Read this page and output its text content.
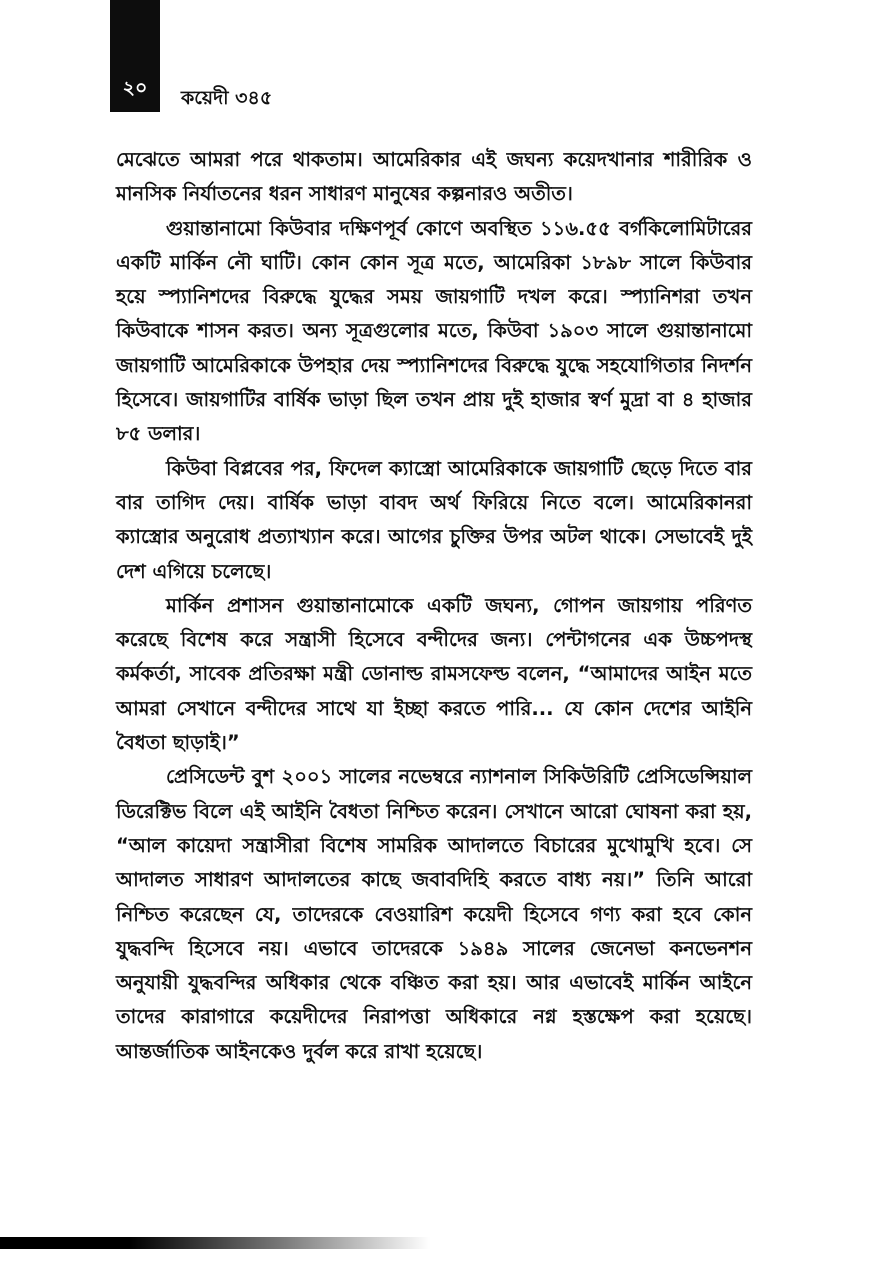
২০	কয়েদী ৩৪৫

মেঝেতে আমরা পরে থাকতাম। আমেরিকার এই জঘন্য কয়েদখানার শারীরিক ও মানসিক নির্যাতনের ধরন সাধারণ মানুষের কল্পনারও অতীত।

গুয়ান্তানামো কিউবার দক্ষিণপূর্ব কোণে অবস্থিত ১১৬.৫৫ বর্গকিলোমিটারের একটি মার্কিন নৌ ঘাটি। কোন কোন সূত্র মতে, আমেরিকা ১৮৯৮ সালে কিউবার হয়ে স্প্যানিশদের বিরুদ্ধে যুদ্ধের সময় জায়গাটি দখল করে। স্প্যানিশরা তখন কিউবাকে শাসন করত। অন্য সূত্রগুলোর মতে, কিউবা ১৯০৩ সালে গুয়ান্তানামো জায়গাটি আমেরিকাকে উপহার দেয় স্প্যানিশদের বিরুদ্ধে যুদ্ধে সহযোগিতার নিদর্শন হিসেবে। জায়গাটির বার্ষিক ভাড়া ছিল তখন প্রায় দুই হাজার স্বর্ণ মুদ্রা বা ৪ হাজার ৮৫ ডলার।

কিউবা বিপ্লবের পর, ফিদেল ক্যাস্ত্রো আমেরিকাকে জায়গাটি ছেড়ে দিতে বার বার তাগিদ দেয়। বার্ষিক ভাড়া বাবদ অর্থ ফিরিয়ে নিতে বলে। আমেরিকানরা ক্যাস্ত্রোর অনুরোধ প্রত্যাখ্যান করে। আগের চুক্তির উপর অটল থাকে। সেভাবেই দুই দেশ এগিয়ে চলেছে।

মার্কিন প্রশাসন গুয়ান্তানামোকে একটি জঘন্য, গোপন জায়গায় পরিণত করেছে বিশেষ করে সন্ত্রাসী হিসেবে বন্দীদের জন্য। পেন্টাগনের এক উচ্চপদস্থ কর্মকর্তা, সাবেক প্রতিরক্ষা মন্ত্রী ডোনাল্ড রামসফেল্ড বলেন, “আমাদের আইন মতে আমরা সেখানে বন্দীদের সাথে যা ইচ্ছা করতে পারি... যে কোন দেশের আইনি বৈধতা ছাড়াই।”

প্রেসিডেন্ট বুশ ২০০১ সালের নভেম্বরে ন্যাশনাল সিকিউরিটি প্রেসিডেন্সিয়াল ডিরেক্টিভ বিলে এই আইনি বৈধতা নিশ্চিত করেন। সেখানে আরো ঘোষনা করা হয়, “আল কায়েদা সন্ত্রাসীরা বিশেষ সামরিক আদালতে বিচারের মুখোমুখি হবে। সে আদালত সাধারণ আদালতের কাছে জবাবদিহি করতে বাধ্য নয়।” তিনি আরো নিশ্চিত করেছেন যে, তাদেরকে বেওয়ারিশ কয়েদী হিসেবে গণ্য করা হবে কোন যুদ্ধবন্দি হিসেবে নয়। এভাবে তাদেরকে ১৯৪৯ সালের জেনেভা কনভেনশন অনুযায়ী যুদ্ধবন্দির অধিকার থেকে বঞ্চিত করা হয়। আর এভাবেই মার্কিন আইনে তাদের কারাগারে কয়েদীদের নিরাপত্তা অধিকারে নগ্ন হস্তক্ষেপ করা হয়েছে। আন্তর্জাতিক আইনকেও দুর্বল করে রাখা হয়েছে।
